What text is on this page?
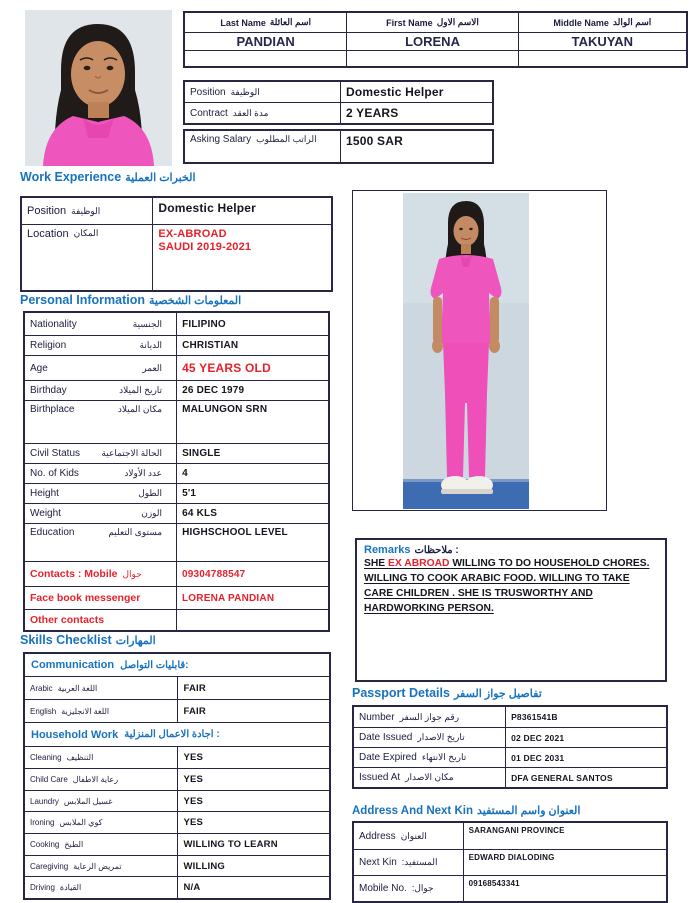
Last Name اسم العائلة	First Name الاسم الاول	Middle Name اسم الوالد
PANDIAN	LORENA	TAKUYAN
Position الوظيفة	Domestic Helper
Contract مدة العقد	2 YEARS
Asking Salary الراتب المطلوب	1500 SAR
Work Experience الخبرات العملية
Position الوظيفة	Domestic Helper
Location المكان	EX-ABROAD
SAUDI 2019-2021
Personal Information المعلومات الشخصية
Nationality	الجنسية	FILIPINO
Religion	الديانة	CHRISTIAN
Age	العمر	45 YEARS OLD
Birthday	تاريخ الميلاد	26 DEC 1979
Birthplace	مكان الميلاد	MALUNGON SRN
Civil Status الحالة الاجتماعية	SINGLE
No. of Kids	عدد الأولاد	4
Height	الطول	5'1
Weight	الوزن	64 KLS
Education	مستوى التعليم	HIGHSCHOOL LEVEL
Contacts : Mobile جوال	09304788547
Face book messenger	LORENA PANDIAN
Other contacts
Skills Checklist المهارات
Communication قابليات التواصل:
Arabic اللغة العربية	FAIR
English اللغة الانجليزية	FAIR
Household Work اجادة الاعمال المنزلية :
Cleaning التنظيف	YES
Child Care رعاية الاطفال	YES
Laundry غسيل الملابس	YES
Ironing كوي الملابس	YES
Cooking الطبخ	WILLING TO LEARN
Caregiving تمريض الرعاية	WILLING
Driving القيادة	N/A
Remarks ملاحظات :
SHE EX ABROAD WILLING TO DO HOUSEHOLD CHORES. WILLING TO COOK ARABIC FOOD. WILLING TO TAKE CARE CHILDREN . SHE IS TRUSWORTHY AND HARDWORKING PERSON.
Passport Details تفاصيل جواز السفر
Number رقم جواز السفر	P8361541B
Date Issued تاريخ الاصدار	02 DEC 2021
Date Expired تاريخ الانتهاء	01 DEC 2031
Issued At مكان الاصدار	DFA GENERAL SANTOS
Address And Next Kin العنوان واسم المستفيد
Address العنوان	SARANGANI PROVINCE
Next Kin المستفيد:	EDWARD DIALODING
Mobile No. جوال:	09168543341
